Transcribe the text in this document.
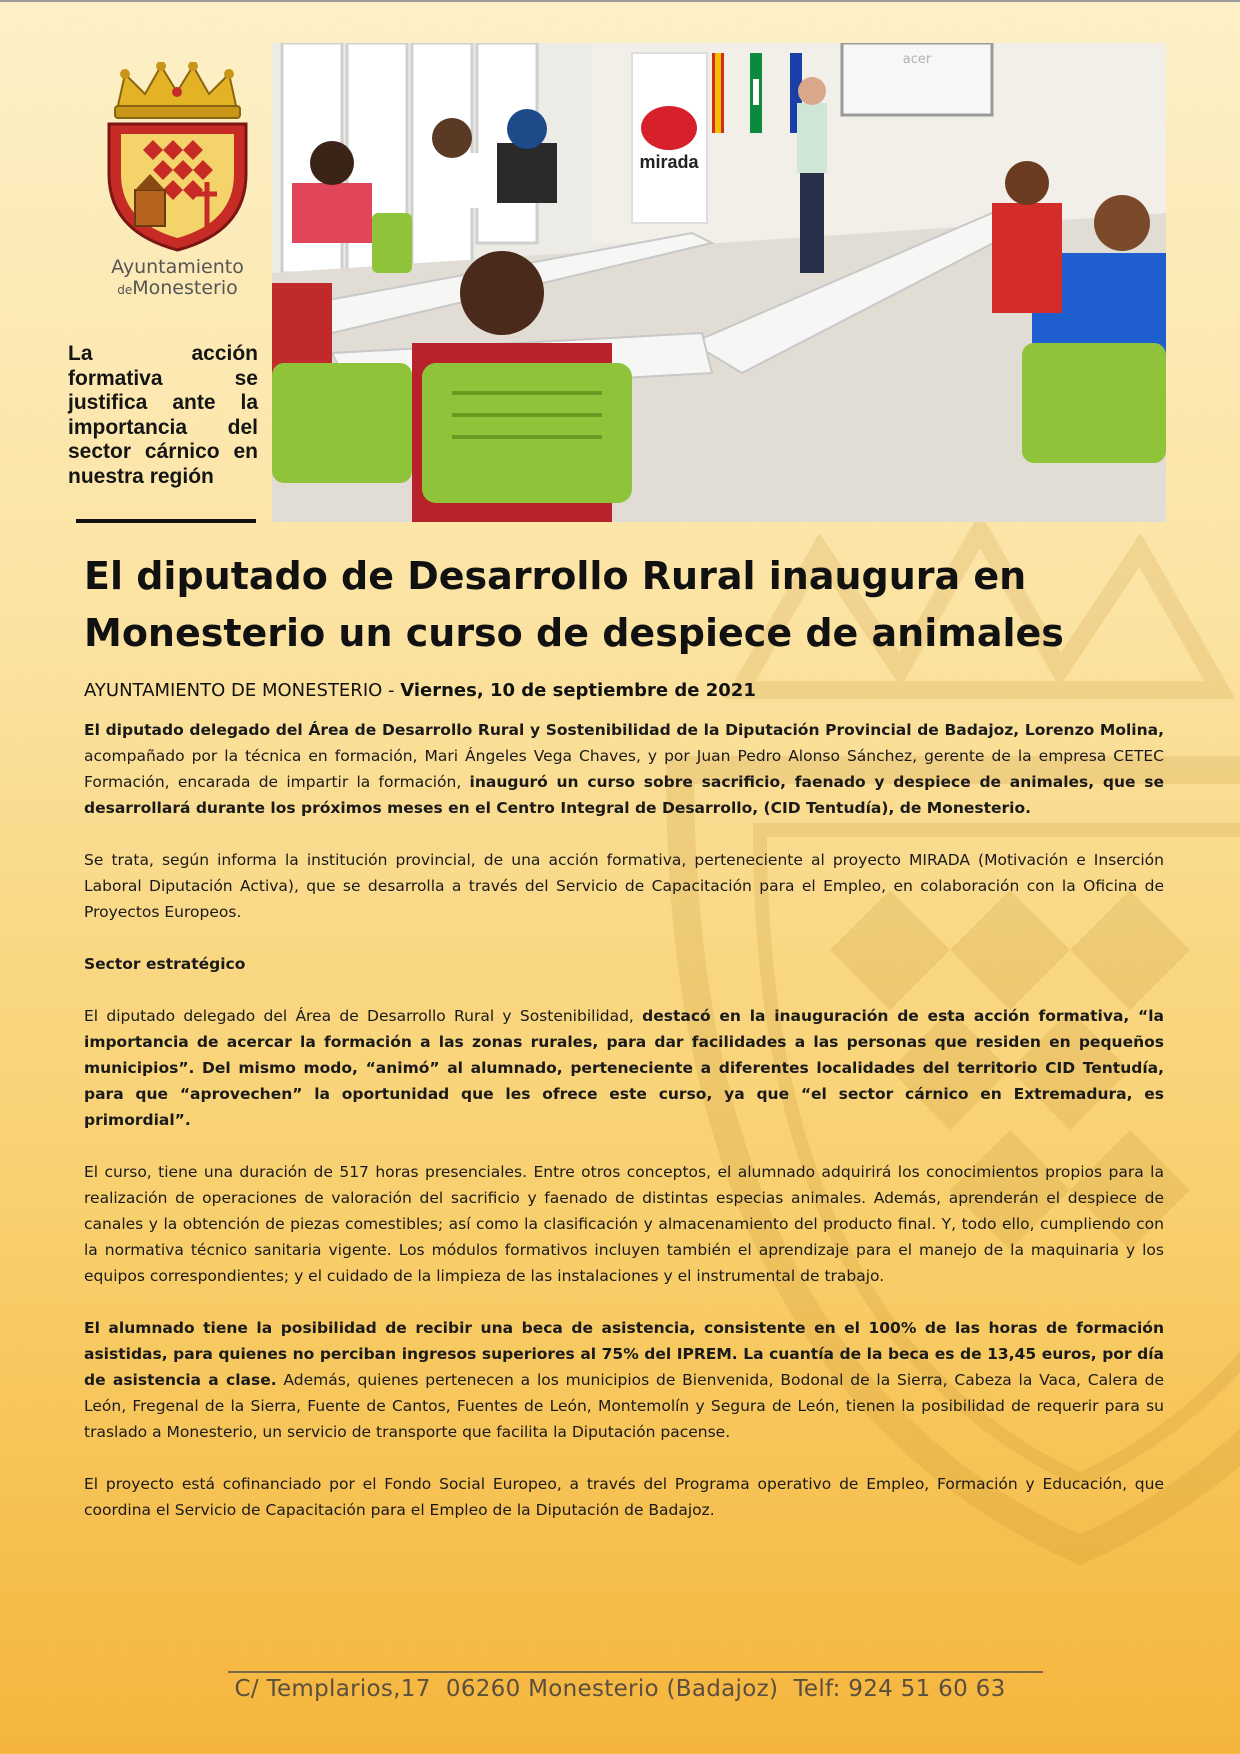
Ayuntamiento
deMonesterio
acer
mirada
La acción formativa se justifica ante la importancia del sector cárnico en nuestra región
El diputado de Desarrollo Rural inaugura en Monesterio un curso de despiece de animales
AYUNTAMIENTO DE MONESTERIO - Viernes, 10 de septiembre de 2021

El diputado delegado del Área de Desarrollo Rural y Sostenibilidad de la Diputación Provincial de Badajoz, Lorenzo Molina, acompañado por la técnica en formación, Mari Ángeles Vega Chaves, y por Juan Pedro Alonso Sánchez, gerente de la empresa CETEC Formación, encarada de impartir la formación, inauguró un curso sobre sacrificio, faenado y despiece de animales, que se desarrollará durante los próximos meses en el Centro Integral de Desarrollo, (CID Tentudía), de Monesterio.

Se trata, según informa la institución provincial, de una acción formativa, perteneciente al proyecto MIRADA (Motivación e Inserción Laboral Diputación Activa), que se desarrolla a través del Servicio de Capacitación para el Empleo, en colaboración con la Oficina de Proyectos Europeos.

Sector estratégico

El diputado delegado del Área de Desarrollo Rural y Sostenibilidad, destacó en la inauguración de esta acción formativa, “la importancia de acercar la formación a las zonas rurales, para dar facilidades a las personas que residen en pequeños municipios”. Del mismo modo, “animó” al alumnado, perteneciente a diferentes localidades del territorio CID Tentudía, para que “aprovechen” la oportunidad que les ofrece este curso, ya que “el sector cárnico en Extremadura, es primordial”.

El curso, tiene una duración de 517 horas presenciales. Entre otros conceptos, el alumnado adquirirá los conocimientos propios para la realización de operaciones de valoración del sacrificio y faenado de distintas especias animales. Además, aprenderán el despiece de canales y la obtención de piezas comestibles; así como la clasificación y almacenamiento del producto final. Y, todo ello, cumpliendo con la normativa técnico sanitaria vigente. Los módulos formativos incluyen también el aprendizaje para el manejo de la maquinaria y los equipos correspondientes; y el cuidado de la limpieza de las instalaciones y el instrumental de trabajo.

El alumnado tiene la posibilidad de recibir una beca de asistencia, consistente en el 100% de las horas de formación asistidas, para quienes no perciban ingresos superiores al 75% del IPREM. La cuantía de la beca es de 13,45 euros, por día de asistencia a clase. Además, quienes pertenecen a los municipios de Bienvenida, Bodonal de la Sierra, Cabeza la Vaca, Calera de León, Fregenal de la Sierra, Fuente de Cantos, Fuentes de León, Montemolín y Segura de León, tienen la posibilidad de requerir para su traslado a Monesterio, un servicio de transporte que facilita la Diputación pacense.

El proyecto está cofinanciado por el Fondo Social Europeo, a través del Programa operativo de Empleo, Formación y Educación, que coordina el Servicio de Capacitación para el Empleo de la Diputación de Badajoz.

C/ Templarios,17  06260 Monesterio (Badajoz)  Telf: 924 51 60 63
